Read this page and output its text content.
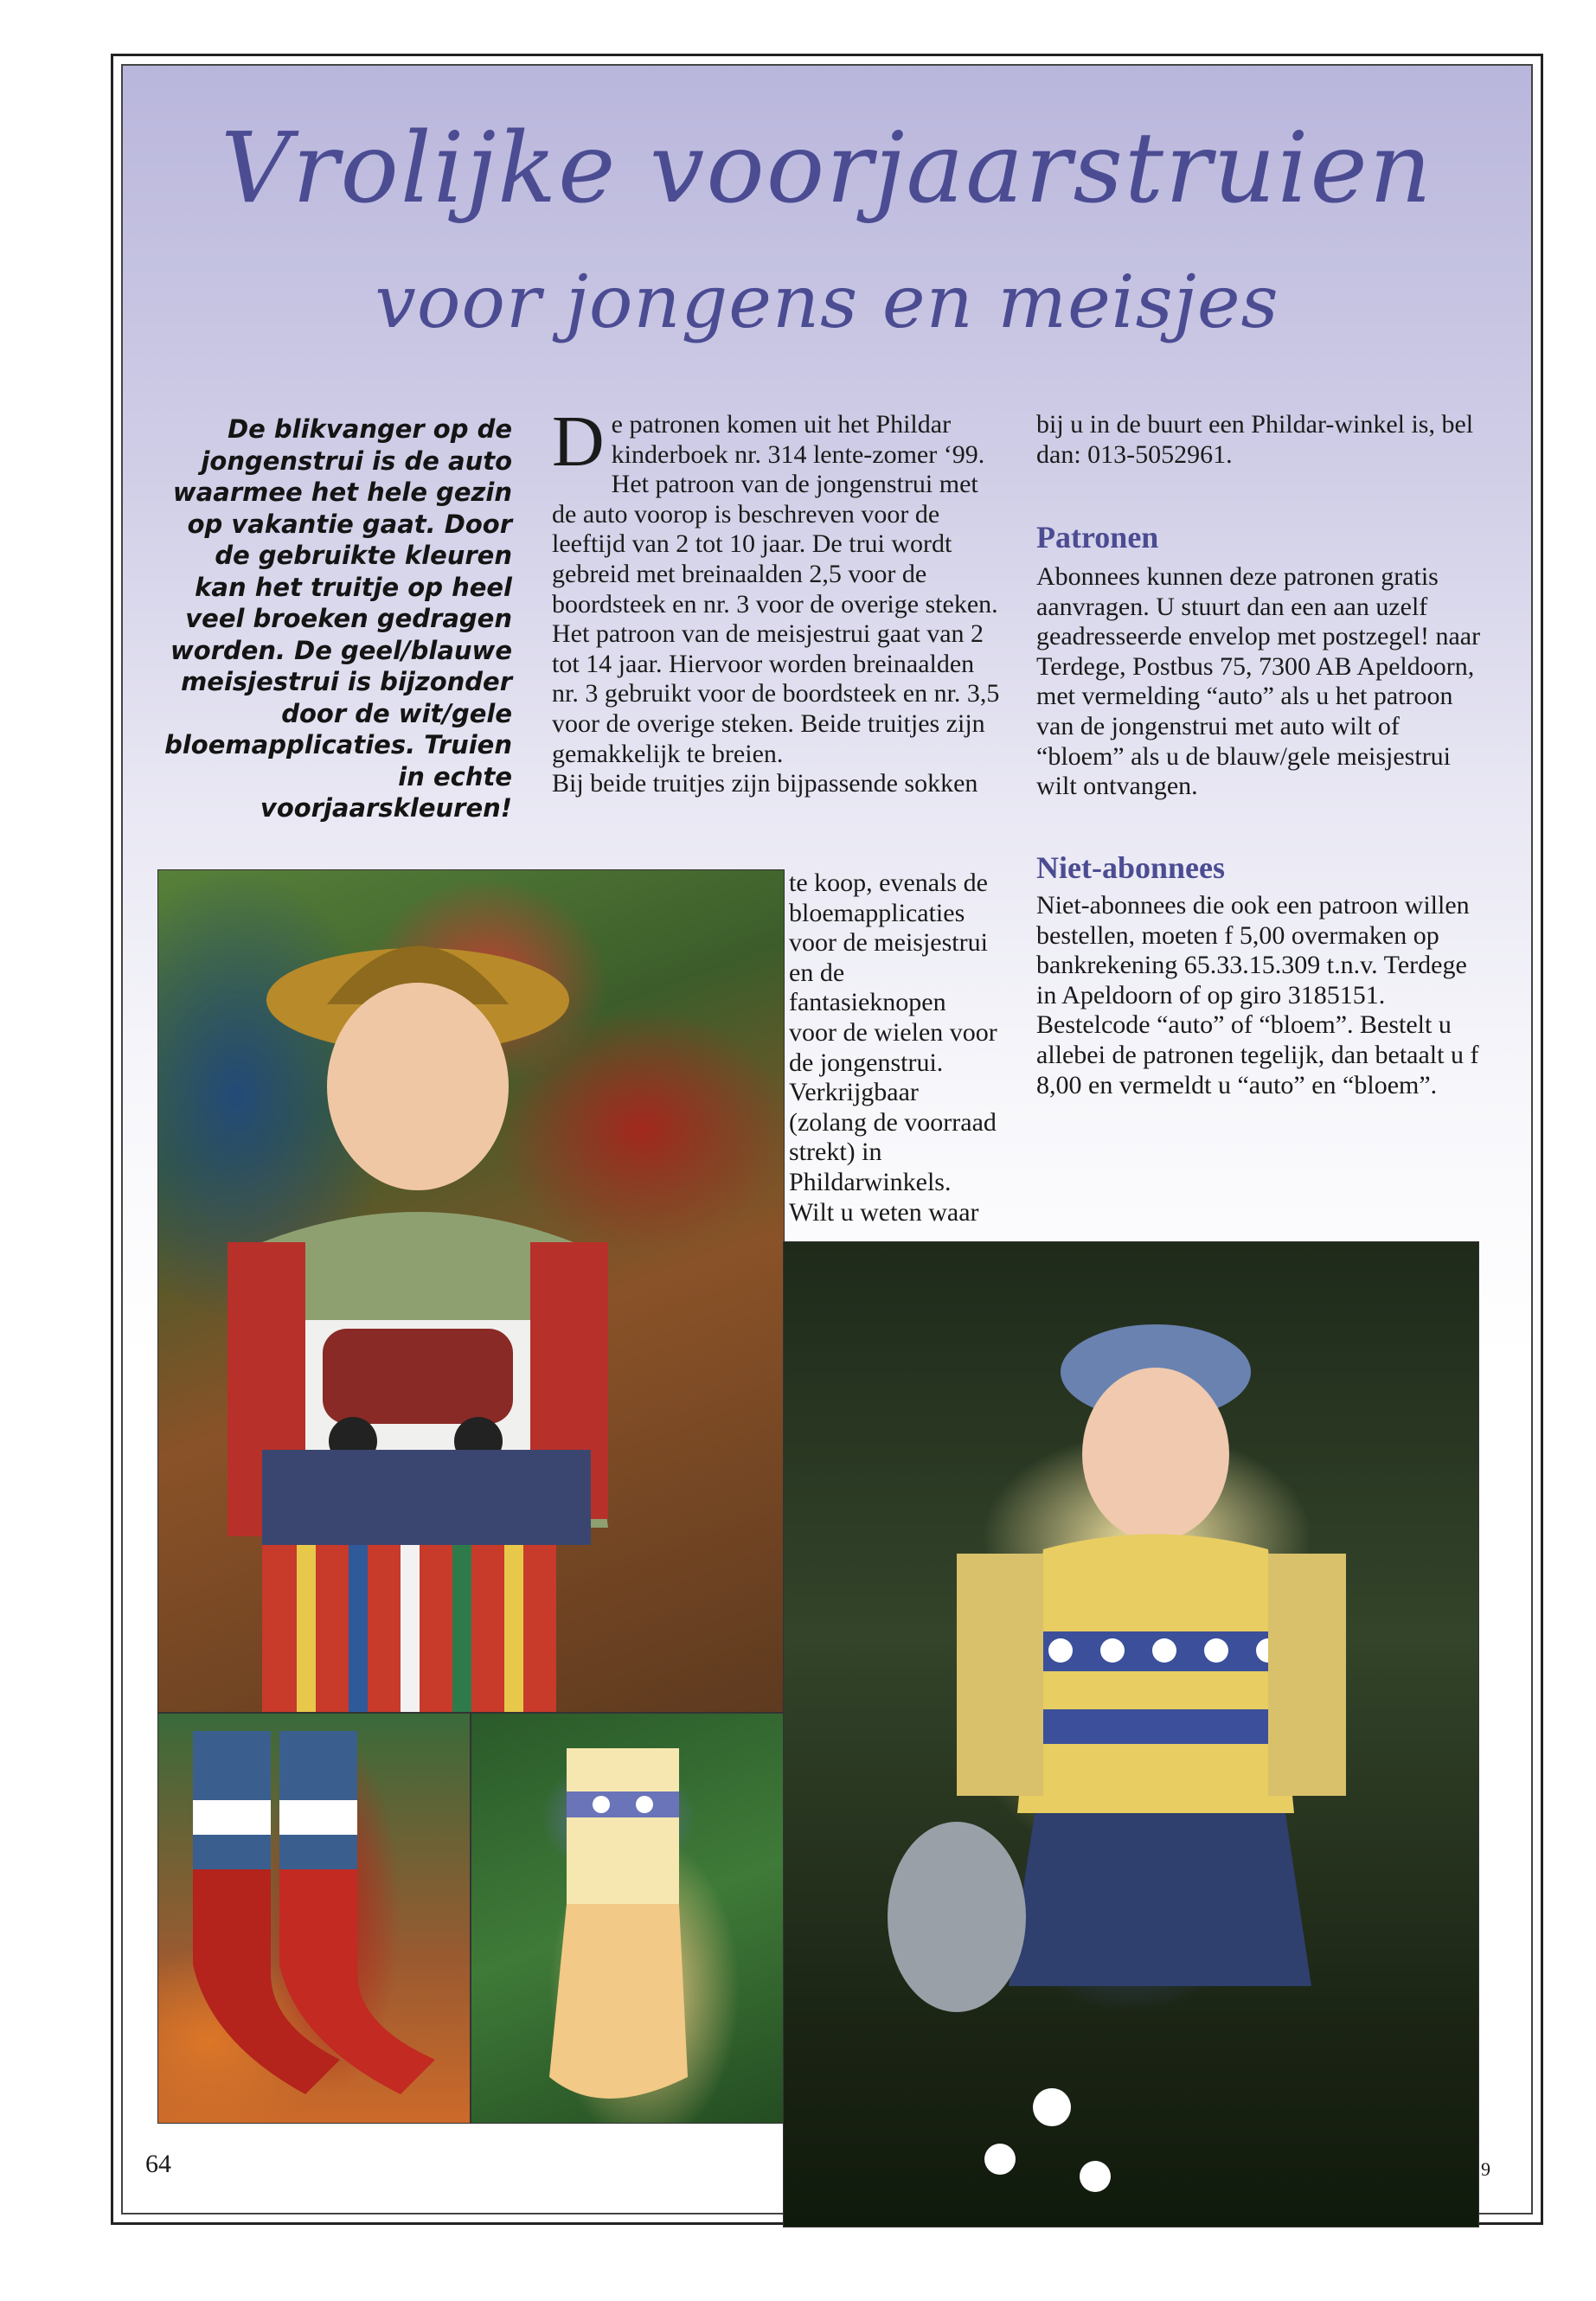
Vrolijke voorjaarstruien
voor jongens en meisjes
De blikvanger op de jongenstrui is de auto waarmee het hele gezin op vakantie gaat. Door de gebruikte kleuren kan het truitje op heel veel broeken gedragen worden. De geel/blauwe meisjestrui is bijzonder door de wit/gele bloemapplicaties. Truien in echte voorjaarskleuren!
D e patronen komen uit het Phildar kinderboek nr. 314 lente-zomer ‘99. Het patroon van de jongenstrui met de auto voorop is beschreven voor de leeftijd van 2 tot 10 jaar. De trui wordt gebreid met breinaalden 2,5 voor de boordsteek en nr. 3 voor de overige steken. Het patroon van de meisjestrui gaat van 2 tot 14 jaar. Hiervoor worden breinaalden nr. 3 gebruikt voor de boordsteek en nr. 3,5 voor de overige steken. Beide truitjes zijn gemakkelijk te breien.

Bij beide truitjes zijn bijpassende sokken

te koop, evenals de bloemapplicaties voor de meisjestrui en de fantasieknopen voor de wielen voor de jongenstrui. Verkrijgbaar (zolang de voorraad strekt) in Phildarwinkels. Wilt u weten waar

bij u in de buurt een Phildar-winkel is, bel dan: 013-5052961.

Patronen

Abonnees kunnen deze patronen gratis aanvragen. U stuurt dan een aan uzelf geadresseerde envelop met postzegel! naar Terdege, Postbus 75, 7300 AB Apeldoorn, met vermelding “auto” als u het patroon van de jongenstrui met auto wilt of “bloem” als u de blauw/gele meisjestrui wilt ontvangen.

Niet-abonnees

Niet-abonnees die ook een patroon willen bestellen, moeten f 5,00 overmaken op bankrekening 65.33.15.309 t.n.v. Terdege in Apeldoorn of op giro 3185151. Bestelcode “auto” of “bloem”. Bestelt u allebei de patronen tegelijk, dan betaalt u f 8,00 en vermeldt u “auto” en “bloem”.

64	9
